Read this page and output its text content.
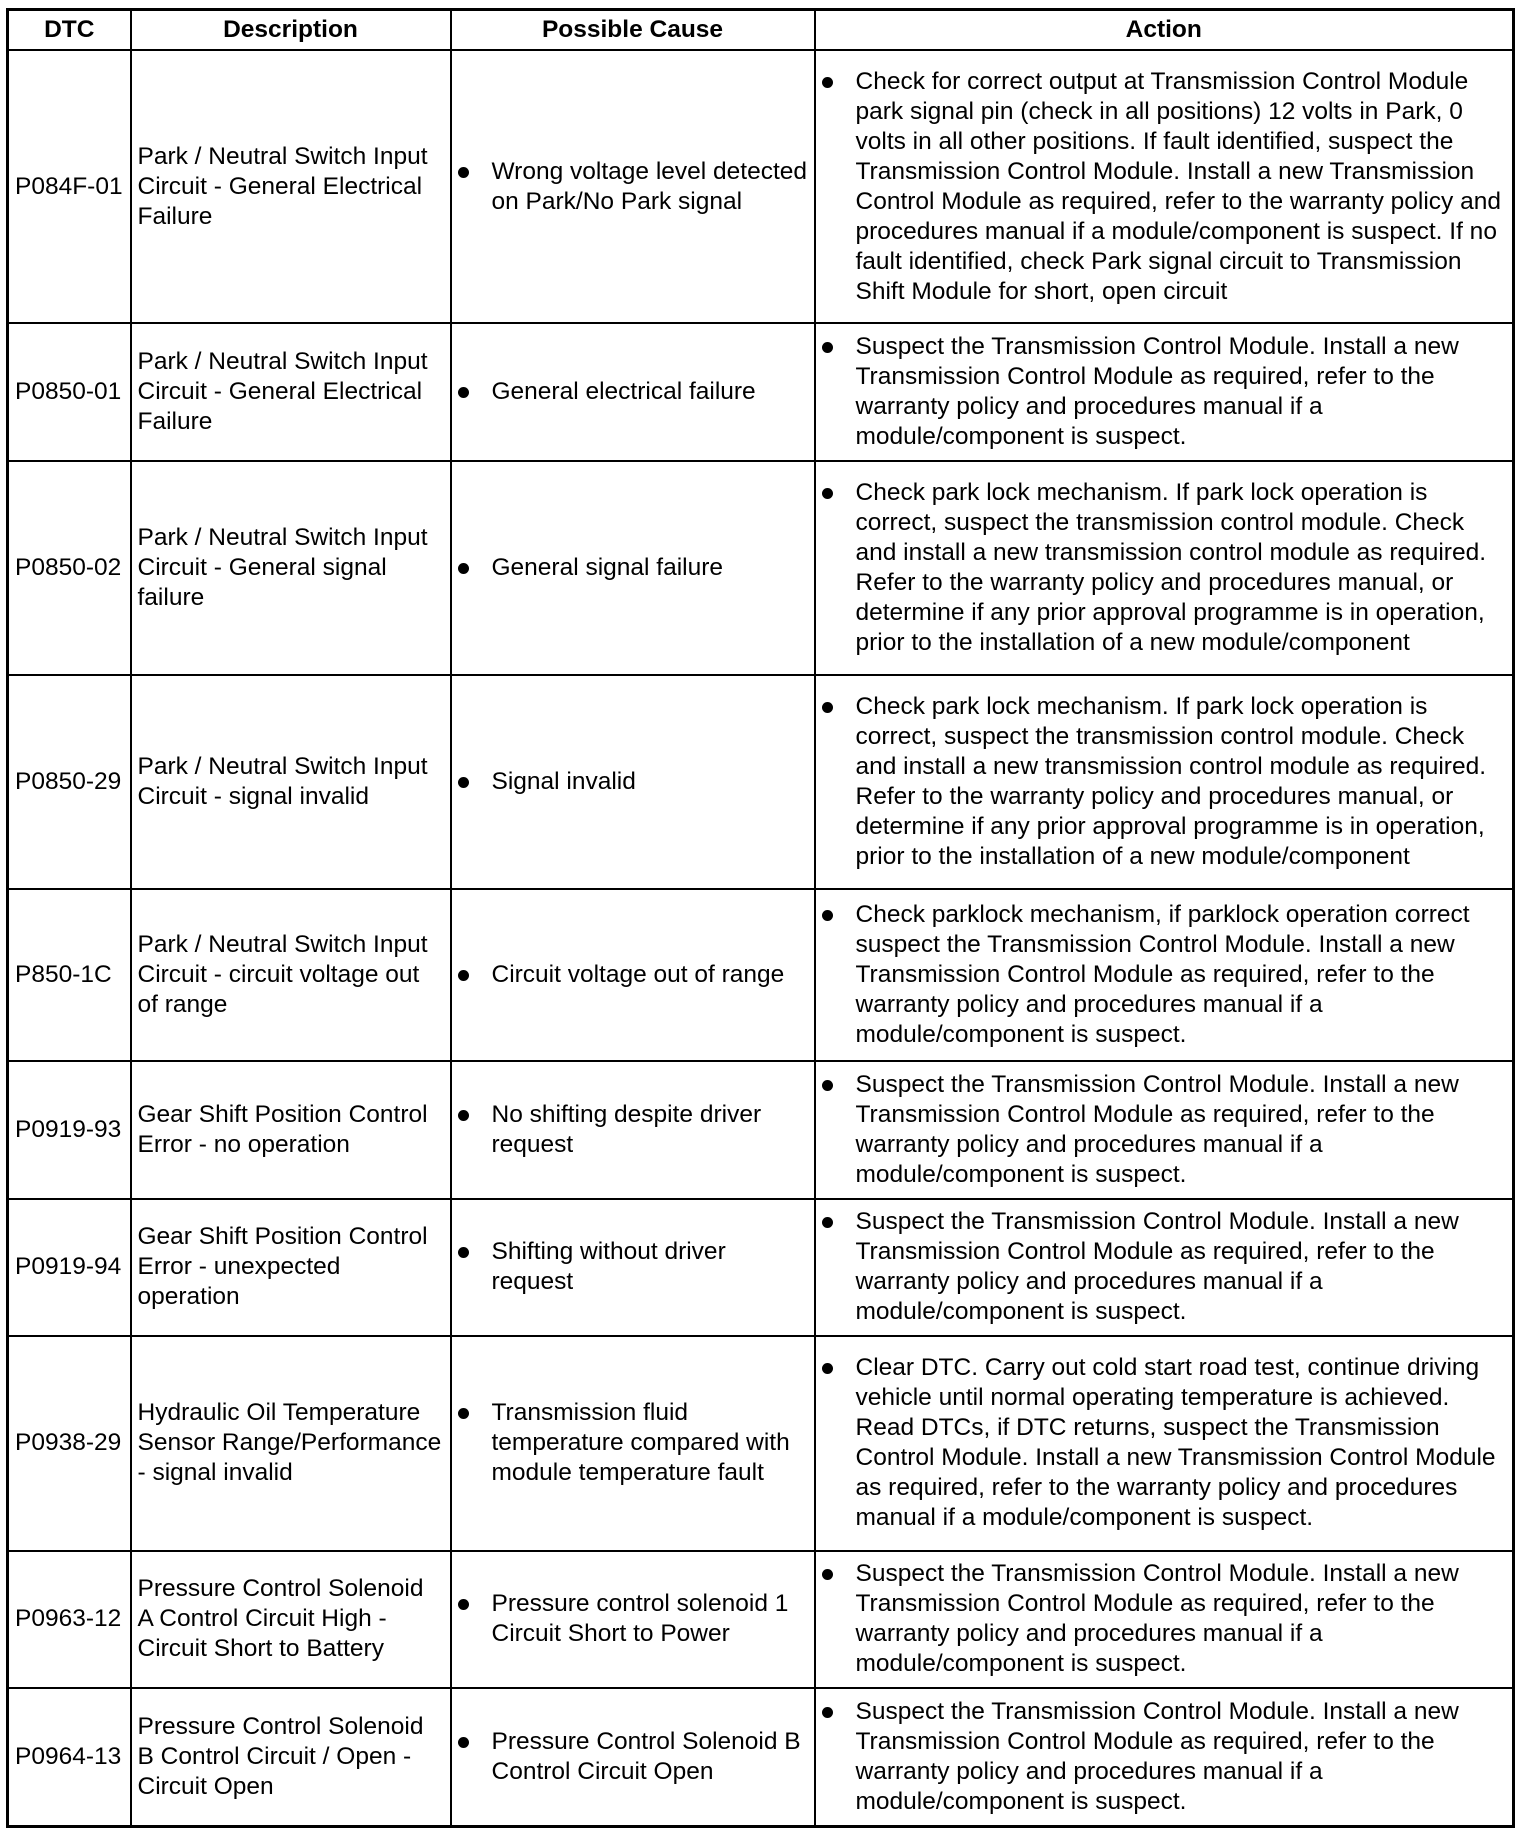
DTC	Description	Possible Cause	Action
P084F-01	Park / Neutral Switch Input Circuit - General Electrical Failure	Wrong voltage level detected on Park/No Park signal	Check for correct output at Transmission Control Module park signal pin (check in all positions) 12 volts in Park, 0 volts in all other positions. If fault identified, suspect the Transmission Control Module. Install a new Transmission Control Module as required, refer to the warranty policy and procedures manual if a module/component is suspect. If no fault identified, check Park signal circuit to Transmission Shift Module for short, open circuit

P0850-01	Park / Neutral Switch Input Circuit - General Electrical Failure	General electrical failure	Suspect the Transmission Control Module. Install a new Transmission Control Module as required, refer to the warranty policy and procedures manual if a module/component is suspect.

P0850-02	Park / Neutral Switch Input Circuit - General signal failure	General signal failure	Check park lock mechanism. If park lock operation is correct, suspect the transmission control module. Check and install a new transmission control module as required. Refer to the warranty policy and procedures manual, or determine if any prior approval programme is in operation, prior to the installation of a new module/component

P0850-29	Park / Neutral Switch Input Circuit - signal invalid	Signal invalid	Check park lock mechanism. If park lock operation is correct, suspect the transmission control module. Check and install a new transmission control module as required. Refer to the warranty policy and procedures manual, or determine if any prior approval programme is in operation, prior to the installation of a new module/component

P850-1C	Park / Neutral Switch Input Circuit - circuit voltage out of range	Circuit voltage out of range	Check parklock mechanism, if parklock operation correct suspect the Transmission Control Module. Install a new Transmission Control Module as required, refer to the warranty policy and procedures manual if a module/component is suspect.

P0919-93	Gear Shift Position Control Error - no operation	No shifting despite driver request	Suspect the Transmission Control Module. Install a new Transmission Control Module as required, refer to the warranty policy and procedures manual if a module/component is suspect.

P0919-94	Gear Shift Position Control Error - unexpected operation	Shifting without driver request	Suspect the Transmission Control Module. Install a new Transmission Control Module as required, refer to the warranty policy and procedures manual if a module/component is suspect.

P0938-29	Hydraulic Oil Temperature Sensor Range/Performance - signal invalid	Transmission fluid temperature compared with module temperature fault	Clear DTC. Carry out cold start road test, continue driving vehicle until normal operating temperature is achieved. Read DTCs, if DTC returns, suspect the Transmission Control Module. Install a new Transmission Control Module as required, refer to the warranty policy and procedures manual if a module/component is suspect.

P0963-12	Pressure Control Solenoid A Control Circuit High - Circuit Short to Battery	Pressure control solenoid 1 Circuit Short to Power	Suspect the Transmission Control Module. Install a new Transmission Control Module as required, refer to the warranty policy and procedures manual if a module/component is suspect.

P0964-13	Pressure Control Solenoid B Control Circuit / Open - Circuit Open	Pressure Control Solenoid B Control Circuit Open	Suspect the Transmission Control Module. Install a new Transmission Control Module as required, refer to the warranty policy and procedures manual if a module/component is suspect.
